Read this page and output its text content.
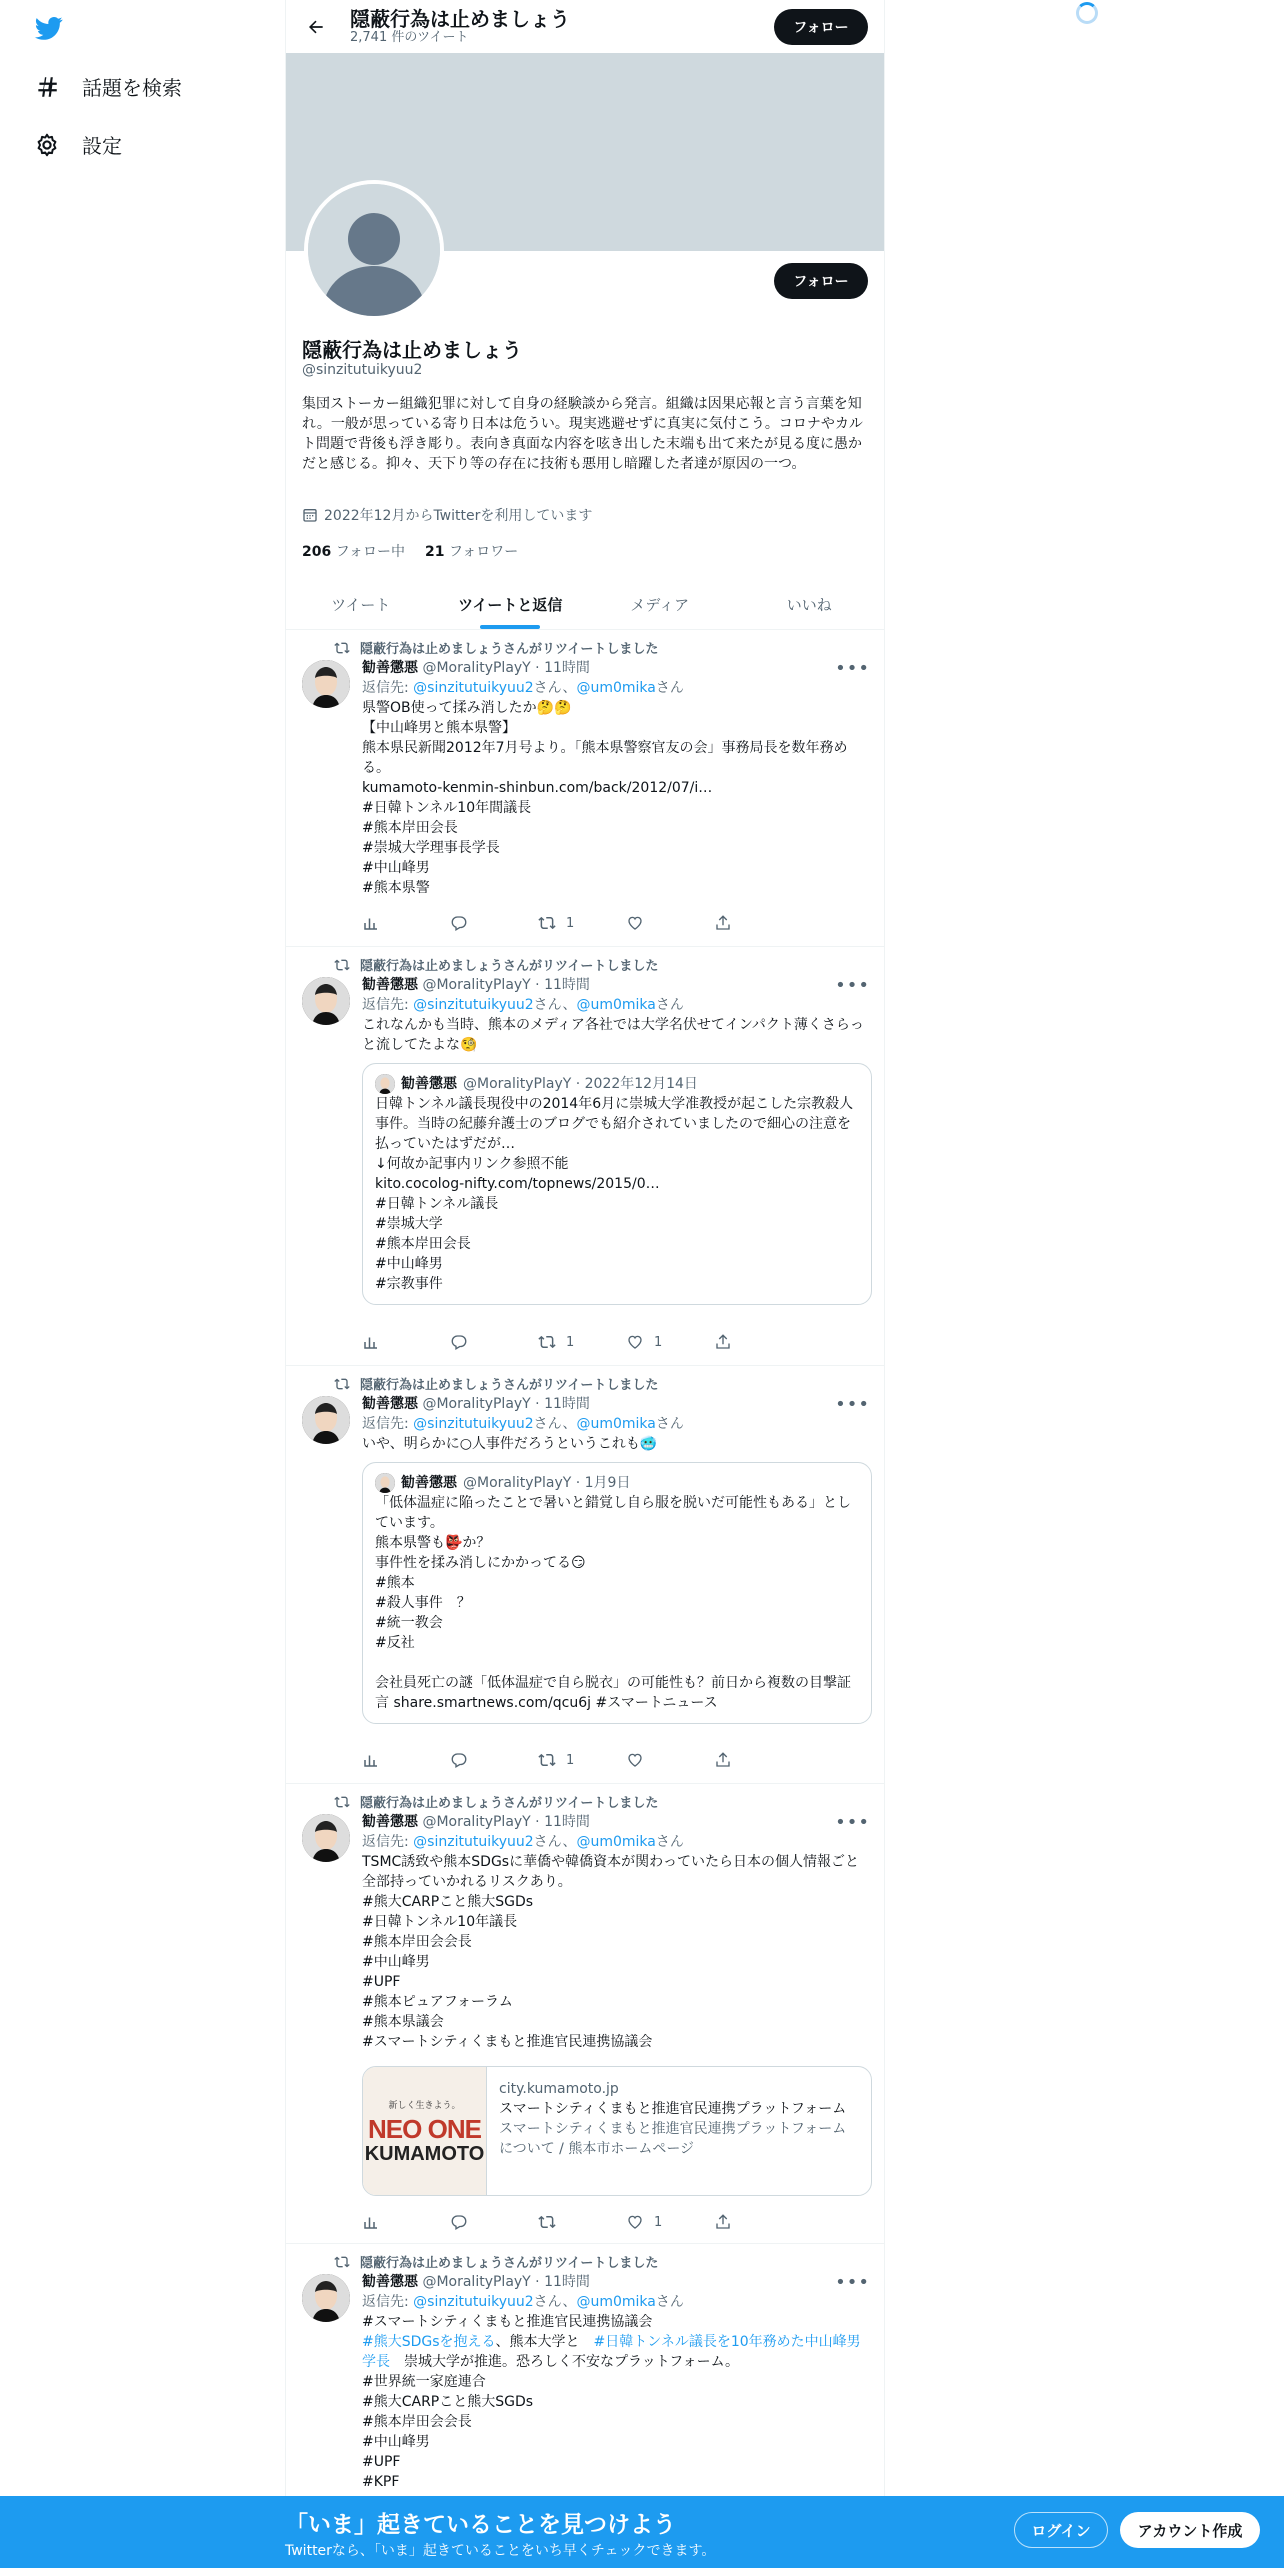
話題を検索
設定
隠蔽行為は止めましょう
2,741 件のツイート
フォロー
フォロー
隠蔽行為は止めましょう
@sinzitutuikyuu2
集団ストーカー組織犯罪に対して自身の経験談から発言。組織は因果応報と言う言葉を知れ。一般が思っている寄り日本は危うい。現実逃避せずに真実に気付こう。コロナやカルト問題で背後も浮き彫り。表向き真面な内容を呟き出した末端も出て来たが見る度に愚かだと感じる。抑々、天下り等の存在に技術も悪用し暗躍した者達が原因の一つ。
2022年12月からTwitterを利用しています
206 フォロー中 21 フォロワー
ツイート	ツイートと返信	メディア	いいね
隠蔽行為は止めましょうさんがリツイートしました
•••
勧善懲悪 @MoralityPlayY · 11時間
返信先: @sinzitutuikyuu2さん、@um0mikaさん
県警OB使って揉み消したか🤔🤔
【中山峰男と熊本県警】
熊本県民新聞2012年7月号より。「熊本県警察官友の会」事務局長を数年務める。
kumamoto-kenmin-shinbun.com/back/2012/07/i…
#日韓トンネル10年間議長
#熊本岸田会長
#崇城大学理事長学長
#中山峰男
#熊本県警
1
隠蔽行為は止めましょうさんがリツイートしました
•••
勧善懲悪 @MoralityPlayY · 11時間
返信先: @sinzitutuikyuu2さん、@um0mikaさん
これなんかも当時、熊本のメディア各社では大学名伏せてインパクト薄くさらっと流してたよな🧐
勧善懲悪 @MoralityPlayY · 2022年12月14日
日韓トンネル議長現役中の2014年6月に崇城大学准教授が起こした宗教殺人事件。当時の紀藤弁護士のブログでも紹介されていましたので細心の注意を払っていたはずだが…
↓何故か記事内リンク参照不能
kito.cocolog-nifty.com/topnews/2015/0…
#日韓トンネル議長
#崇城大学
#熊本岸田会長
#中山峰男
#宗教事件
1	1
隠蔽行為は止めましょうさんがリツイートしました
•••
勧善懲悪 @MoralityPlayY · 11時間
返信先: @sinzitutuikyuu2さん、@um0mikaさん
いや、明らかに○人事件だろうというこれも🥶
勧善懲悪 @MoralityPlayY · 1月9日
「低体温症に陥ったことで暑いと錯覚し自ら服を脱いだ可能性もある」としています。
熊本県警も👺か？
事件性を揉み消しにかかってる😏
#熊本
#殺人事件　？
#統一教会
#反社

会社員死亡の謎「低体温症で自ら脱衣」の可能性も？前日から複数の目撃証言 share.smartnews.com/qcu6j #スマートニュース
1
隠蔽行為は止めましょうさんがリツイートしました
•••
勧善懲悪 @MoralityPlayY · 11時間
返信先: @sinzitutuikyuu2さん、@um0mikaさん
TSMC誘致や熊本SDGsに華僑や韓僑資本が関わっていたら日本の個人情報ごと全部持っていかれるリスクあり。
#熊大CARPこと熊大SGDs
#日韓トンネル10年議長
#熊本岸田会会長
#中山峰男
#UPF
#熊本ピュアフォーラム
#熊本県議会
#スマートシティくまもと推進官民連携協議会
新しく生きよう。
NEO ONE
KUMAMOTO
city.kumamoto.jp
スマートシティくまもと推進官民連携プラットフォーム
スマートシティくまもと推進官民連携プラットフォームについて / 熊本市ホームページ
1
隠蔽行為は止めましょうさんがリツイートしました
•••
勧善懲悪 @MoralityPlayY · 11時間
返信先: @sinzitutuikyuu2さん、@um0mikaさん
#スマートシティくまもと推進官民連携協議会
#熊大SDGsを抱える、熊本大学と　#日韓トンネル議長を10年務めた中山峰男学長　崇城大学が推進。恐ろしく不安なプラットフォーム。
#世界統一家庭連合
#熊大CARPこと熊大SGDs
#熊本岸田会会長
#中山峰男
#UPF
#KPF
「いま」起きていることを見つけよう
Twitterなら、「いま」起きていることをいち早くチェックできます。
ログイン	アカウント作成
